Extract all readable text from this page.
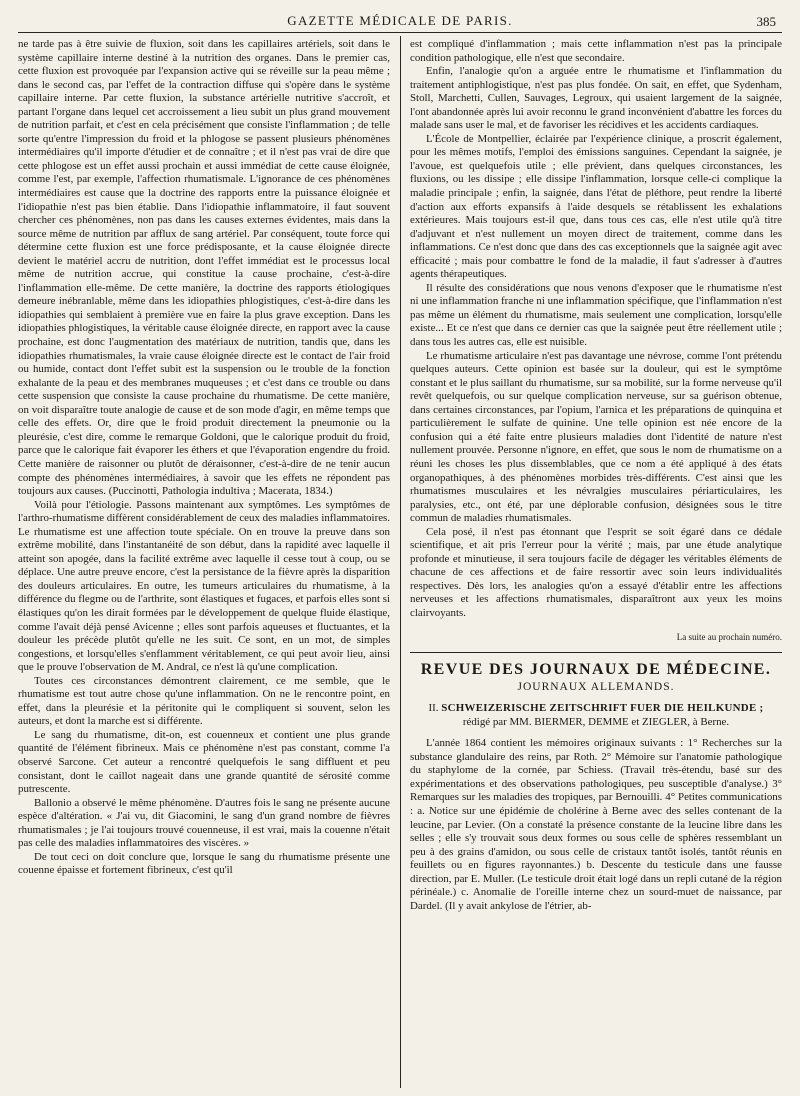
GAZETTE MÉDICALE DE PARIS.	385

ne tarde pas à être suivie de fluxion, soit dans les capillaires artériels, soit dans le système capillaire interne destiné à la nutrition des organes. Dans le premier cas, cette fluxion est provoquée par l'expansion active qui se réveille sur la peau même ; dans le second cas, par l'effet de la contraction diffuse qui s'opère dans le système capillaire interne. Par cette fluxion, la substance artérielle nutritive s'accroît, et partant l'organe dans lequel cet accroissement a lieu subit un plus grand mouvement de nutrition parfait, et c'est en cela précisément que consiste l'inflammation ; de telle sorte qu'entre l'impression du froid et la phlogose se passent plusieurs phénomènes intermédiaires qu'il importe d'étudier et de connaître ; et il n'est pas vrai de dire que cette phlogose est un effet aussi prochain et aussi immédiat de cette cause éloignée, comme l'est, par exemple, l'affection rhumatismale. L'ignorance de ces phénomènes intermédiaires est cause que la doctrine des rapports entre la puissance éloignée et l'idiopathie n'est pas bien établie. Dans l'idiopathie inflammatoire, il faut souvent chercher ces phénomènes, non pas dans les causes externes évidentes, mais dans la source même de nutrition par afflux de sang artériel. Par conséquent, toute force qui détermine cette fluxion est une force prédisposante, et la cause éloignée directe devient le matériel accru de nutrition, dont l'effet immédiat est le processus local même de nutrition accrue, qui constitue la cause prochaine, c'est-à-dire l'inflammation elle-même. De cette manière, la doctrine des rapports étiologiques demeure inébranlable, même dans les idiopathies phlogistiques, c'est-à-dire dans les idiopathies qui semblaient à première vue en faire la plus grave exception. Dans les idiopathies phlogistiques, la véritable cause éloignée directe, en rapport avec la cause prochaine, est donc l'augmentation des matériaux de nutrition, tandis que, dans les idiopathies rhumatismales, la vraie cause éloignée directe est le contact de l'air froid ou humide, contact dont l'effet subit est la suspension ou le trouble de la fonction exhalante de la peau et des membranes muqueuses ; et c'est dans ce trouble ou dans cette suspension que consiste la cause prochaine du rhumatisme. De cette manière, on voit disparaître toute analogie de cause et de son mode d'agir, en même temps que celle des effets. Or, dire que le froid produit directement la pneumonie ou la pleurésie, c'est dire, comme le remarque Goldoni, que le calorique produit du froid, parce que le calorique fait évaporer les éthers et que l'évaporation engendre du froid. Cette manière de raisonner ou plutôt de déraisonner, c'est-à-dire de ne tenir aucun compte des phénomènes intermédiaires, à savoir que les effets ne répondent pas toujours aux causes. (Puccinotti, Pathologia indultiva ; Macerata, 1834.)

Voilà pour l'étiologie. Passons maintenant aux symptômes. Les symptômes de l'arthro-rhumatisme diffèrent considérablement de ceux des maladies inflammatoires. Le rhumatisme est une affection toute spéciale. On en trouve la preuve dans son extrême mobilité, dans l'instantanéité de son début, dans la rapidité avec laquelle il atteint son apogée, dans la facilité extrême avec laquelle il cesse tout à coup, ou se déplace. Une autre preuve encore, c'est la persistance de la fièvre après la disparition des douleurs articulaires. En outre, les tumeurs articulaires du rhumatisme, à la différence du flegme ou de l'arthrite, sont élastiques et fugaces, et parfois elles sont si élastiques qu'on les dirait formées par le développement de quelque fluide élastique, comme l'avait déjà pensé Avicenne ; elles sont parfois aqueuses et fluctuantes, et la douleur les précède plutôt qu'elle ne les suit. Ce sont, en un mot, de simples congestions, et lorsqu'elles s'enflamment véritablement, ce qui peut avoir lieu, ainsi que le prouve l'observation de M. Andral, ce n'est là qu'une complication.

Toutes ces circonstances démontrent clairement, ce me semble, que le rhumatisme est tout autre chose qu'une inflammation. On ne le rencontre point, en effet, dans la pleurésie et la péritonite qui le compliquent si souvent, selon les auteurs, et dont la marche est si différente.

Le sang du rhumatisme, dit-on, est couenneux et contient une plus grande quantité de l'élément fibrineux. Mais ce phénomène n'est pas constant, comme l'a observé Sarcone. Cet auteur a rencontré quelquefois le sang diffluent et peu consistant, dont le caillot nageait dans une grande quantité de sérosité comme putrescente.

Ballonio a observé le même phénomène. D'autres fois le sang ne présente aucune espèce d'altération. « J'ai vu, dit Giacomini, le sang d'un grand nombre de fièvres rhumatismales ; je l'ai toujours trouvé couenneuse, il est vrai, mais la couenne n'était pas celle des maladies inflammatoires des viscères. »

De tout ceci on doit conclure que, lorsque le sang du rhumatisme présente une couenne épaisse et fortement fibrineux, c'est qu'il

est compliqué d'inflammation ; mais cette inflammation n'est pas la principale condition pathologique, elle n'est que secondaire.

Enfin, l'analogie qu'on a arguée entre le rhumatisme et l'inflammation du traitement antiphlogistique, n'est pas plus fondée. On sait, en effet, que Sydenham, Stoll, Marchetti, Cullen, Sauvages, Legroux, qui usaient largement de la saignée, l'ont abandonnée après lui avoir reconnu le grand inconvénient d'abattre les forces du malade sans user le mal, et de favoriser les récidives et les accidents cardiaques.

L'École de Montpellier, éclairée par l'expérience clinique, a proscrit également, pour les mêmes motifs, l'emploi des émissions sanguines. Cependant la saignée, je l'avoue, est quelquefois utile ; elle prévient, dans quelques circonstances, les fluxions, ou les dissipe ; elle dissipe l'inflammation, lorsque celle-ci complique la maladie principale ; enfin, la saignée, dans l'état de pléthore, peut rendre la liberté d'action aux efforts expansifs à l'aide desquels se rétablissent les exhalations extérieures. Mais toujours est-il que, dans tous ces cas, elle n'est utile qu'à titre d'adjuvant et n'est nullement un moyen direct de traitement, comme dans les inflammations. Ce n'est donc que dans des cas exceptionnels que la saignée agit avec efficacité ; mais pour combattre le fond de la maladie, il faut s'adresser à d'autres agents thérapeutiques.

Il résulte des considérations que nous venons d'exposer que le rhumatisme n'est ni une inflammation franche ni une inflammation spécifique, que l'inflammation n'est pas même un élément du rhumatisme, mais seulement une complication, lorsqu'elle existe... Et ce n'est que dans ce dernier cas que la saignée peut être réellement utile ; dans tous les autres cas, elle est nuisible.

Le rhumatisme articulaire n'est pas davantage une névrose, comme l'ont prétendu quelques auteurs. Cette opinion est basée sur la douleur, qui est le symptôme constant et le plus saillant du rhumatisme, sur sa mobilité, sur la forme nerveuse qu'il revêt quelquefois, ou sur quelque complication nerveuse, sur sa guérison obtenue, dans certaines circonstances, par l'opium, l'arnica et les préparations de quinquina et particulièrement le sulfate de quinine. Une telle opinion est née encore de la confusion qui a été faite entre plusieurs maladies dont l'identité de nature n'est nullement prouvée. Personne n'ignore, en effet, que sous le nom de rhumatisme on a réuni les choses les plus dissemblables, que ce nom a été appliqué à des états organopathiques, à des phénomènes morbides très-différents. C'est ainsi que les rhumatismes musculaires et les névralgies musculaires périarticulaires, les paralysies, etc., ont été, par une déplorable confusion, désignées sous le titre commun de maladies rhumatismales.

Cela posé, il n'est pas étonnant que l'esprit se soit égaré dans ce dédale scientifique, et ait pris l'erreur pour la vérité ; mais, par une étude analytique profonde et minutieuse, il sera toujours facile de dégager les véritables éléments de chacune de ces affections et de faire ressortir avec soin leurs individualités respectives. Dès lors, les analogies qu'on a essayé d'établir entre les affections nerveuses et les affections rhumatismales, disparaîtront aux yeux les moins clairvoyants.

La suite au prochain numéro.
REVUE DES JOURNAUX DE MÉDECINE.
JOURNAUX ALLEMANDS.
II. SCHWEIZERISCHE ZEITSCHRIFT FUER DIE HEILKUNDE ;
rédigé par MM. BIERMER, DEMME et ZIEGLER, à Berne.

L'année 1864 contient les mémoires originaux suivants : 1° Recherches sur la substance glandulaire des reins, par Roth. 2° Mémoire sur l'anatomie pathologique du staphylome de la cornée, par Schiess. (Travail très-étendu, basé sur des expérimentations et des observations pathologiques, peu susceptible d'analyse.) 3° Remarques sur les maladies des tropiques, par Bernouilli. 4° Petites communications : a. Notice sur une épidémie de cholérine à Berne avec des selles contenant de la leucine, par Levier. (On a constaté la présence constante de la leucine libre dans les selles ; elle s'y trouvait sous deux formes ou sous celle de sphères ressemblant un peu à des grains d'amidon, ou sous celle de cristaux tantôt isolés, tantôt réunis en feuillets ou en figures rayonnantes.) b. Descente du testicule dans une fausse direction, par E. Muller. (Le testicule droit était logé dans un repli cutané de la région périnéale.) c. Anomalie de l'oreille interne chez un sourd-muet de naissance, par Dardel. (Il y avait ankylose de l'étrier, ab-
